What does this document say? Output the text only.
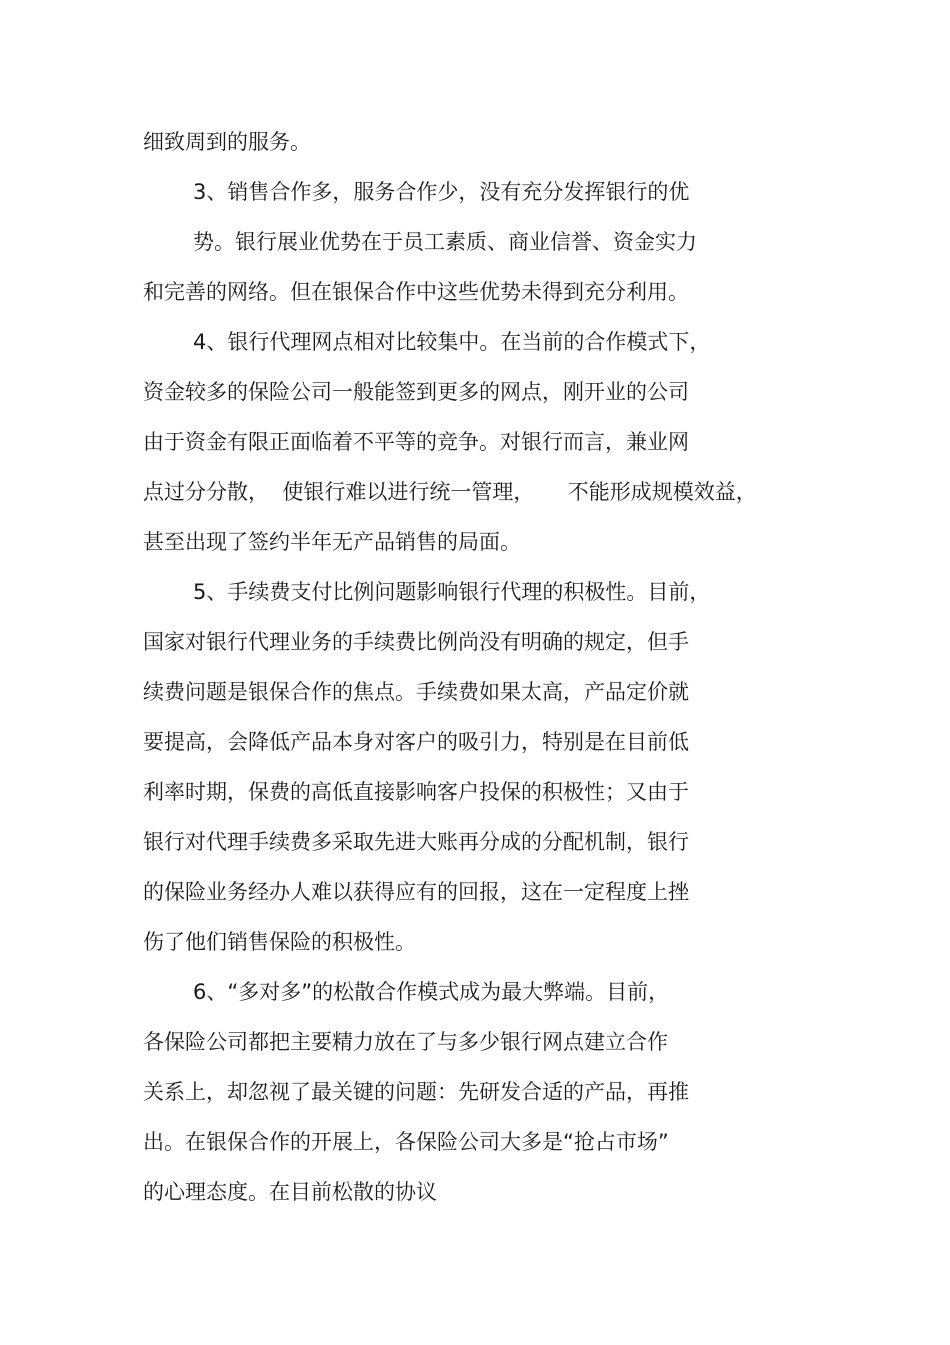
细致周到的服务。
3、销售合作多，服务合作少，没有充分发挥银行的优
势。银行展业优势在于员工素质、商业信誉、资金实力
和完善的网络。但在银保合作中这些优势未得到充分利用。
4、银行代理网点相对比较集中。在当前的合作模式下，
资金较多的保险公司一般能签到更多的网点，刚开业的公司
由于资金有限正面临着不平等的竞争。对银行而言，兼业网
点过分分散，  使银行难以进行统一管理，     不能形成规模效益，
甚至出现了签约半年无产品销售的局面。
5、手续费支付比例问题影响银行代理的积极性。目前，
国家对银行代理业务的手续费比例尚没有明确的规定，但手
续费问题是银保合作的焦点。手续费如果太高，产品定价就
要提高，会降低产品本身对客户的吸引力，特别是在目前低
利率时期，保费的高低直接影响客户投保的积极性；又由于
银行对代理手续费多采取先进大账再分成的分配机制，银行
的保险业务经办人难以获得应有的回报，这在一定程度上挫
伤了他们销售保险的积极性。
6、“多对多”的松散合作模式成为最大弊端。目前，
各保险公司都把主要精力放在了与多少银行网点建立合作
关系上，却忽视了最关键的问题：先研发合适的产品，再推
出。在银保合作的开展上，各保险公司大多是“抢占市场”
的心理态度。在目前松散的协议
